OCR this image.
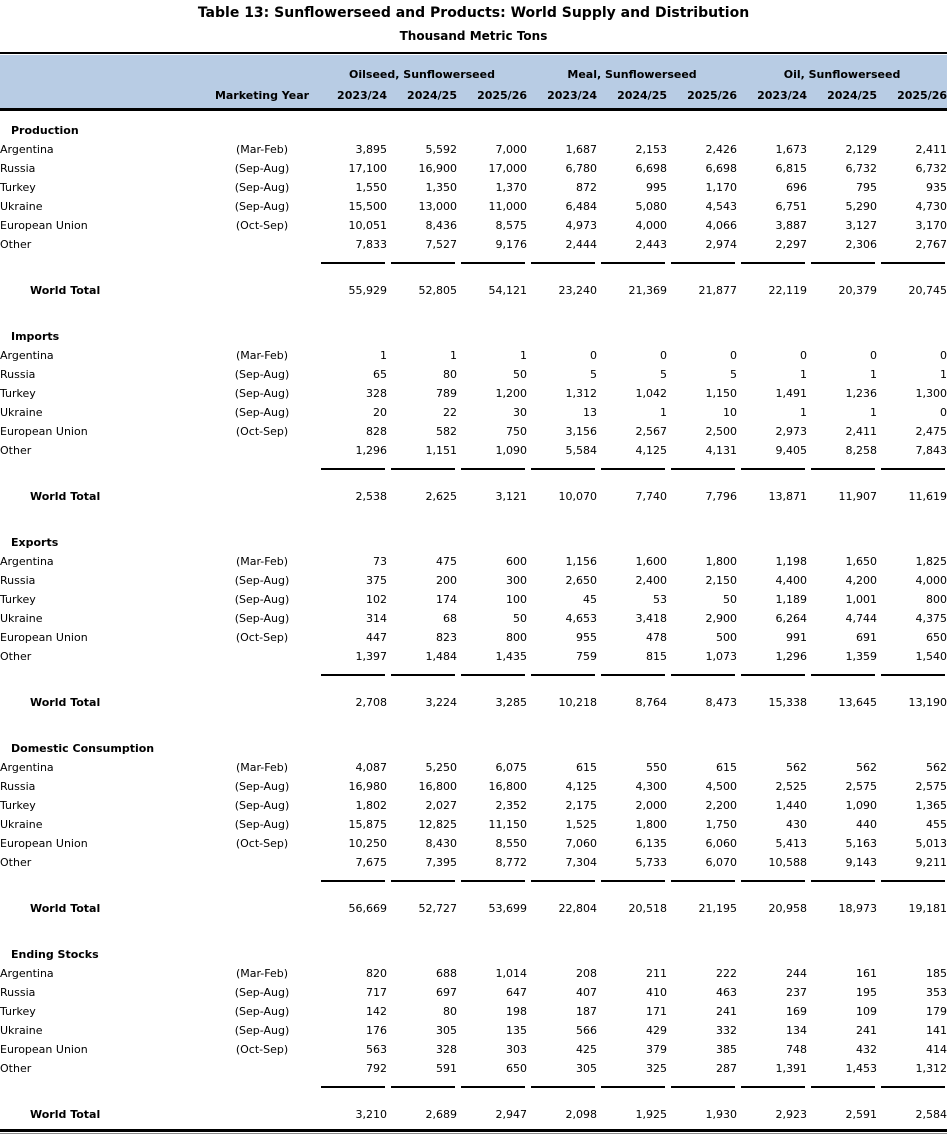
Table 13: Sunflowerseed and Products: World Supply and Distribution
Thousand Metric Tons
		Oilseed, Sunflowerseed			Meal, Sunflowerseed			Oil, Sunflowerseed		
	Marketing Year	2023/24	2024/25	2025/26	2023/24	2024/25	2025/26	2023/24	2024/25	2025/26
Production										
Argentina	(Mar-Feb)	3,895	5,592	7,000	1,687	2,153	2,426	1,673	2,129	2,411
Russia	(Sep-Aug)	17,100	16,900	17,000	6,780	6,698	6,698	6,815	6,732	6,732
Turkey	(Sep-Aug)	1,550	1,350	1,370	872	995	1,170	696	795	935
Ukraine	(Sep-Aug)	15,500	13,000	11,000	6,484	5,080	4,543	6,751	5,290	4,730
European Union	(Oct-Sep)	10,051	8,436	8,575	4,973	4,000	4,066	3,887	3,127	3,170
Other		7,833	7,527	9,176	2,444	2,443	2,974	2,297	2,306	2,767

World Total		55,929	52,805	54,121	23,240	21,369	21,877	22,119	20,379	20,745
Imports										
Argentina	(Mar-Feb)	1	1	1	0	0	0	0	0	0
Russia	(Sep-Aug)	65	80	50	5	5	5	1	1	1
Turkey	(Sep-Aug)	328	789	1,200	1,312	1,042	1,150	1,491	1,236	1,300
Ukraine	(Sep-Aug)	20	22	30	13	1	10	1	1	0
European Union	(Oct-Sep)	828	582	750	3,156	2,567	2,500	2,973	2,411	2,475
Other		1,296	1,151	1,090	5,584	4,125	4,131	9,405	8,258	7,843

World Total		2,538	2,625	3,121	10,070	7,740	7,796	13,871	11,907	11,619
Exports										
Argentina	(Mar-Feb)	73	475	600	1,156	1,600	1,800	1,198	1,650	1,825
Russia	(Sep-Aug)	375	200	300	2,650	2,400	2,150	4,400	4,200	4,000
Turkey	(Sep-Aug)	102	174	100	45	53	50	1,189	1,001	800
Ukraine	(Sep-Aug)	314	68	50	4,653	3,418	2,900	6,264	4,744	4,375
European Union	(Oct-Sep)	447	823	800	955	478	500	991	691	650
Other		1,397	1,484	1,435	759	815	1,073	1,296	1,359	1,540

World Total		2,708	3,224	3,285	10,218	8,764	8,473	15,338	13,645	13,190
Domestic Consumption										
Argentina	(Mar-Feb)	4,087	5,250	6,075	615	550	615	562	562	562
Russia	(Sep-Aug)	16,980	16,800	16,800	4,125	4,300	4,500	2,525	2,575	2,575
Turkey	(Sep-Aug)	1,802	2,027	2,352	2,175	2,000	2,200	1,440	1,090	1,365
Ukraine	(Sep-Aug)	15,875	12,825	11,150	1,525	1,800	1,750	430	440	455
European Union	(Oct-Sep)	10,250	8,430	8,550	7,060	6,135	6,060	5,413	5,163	5,013
Other		7,675	7,395	8,772	7,304	5,733	6,070	10,588	9,143	9,211

World Total		56,669	52,727	53,699	22,804	20,518	21,195	20,958	18,973	19,181
Ending Stocks										
Argentina	(Mar-Feb)	820	688	1,014	208	211	222	244	161	185
Russia	(Sep-Aug)	717	697	647	407	410	463	237	195	353
Turkey	(Sep-Aug)	142	80	198	187	171	241	169	109	179
Ukraine	(Sep-Aug)	176	305	135	566	429	332	134	241	141
European Union	(Oct-Sep)	563	328	303	425	379	385	748	432	414
Other		792	591	650	305	325	287	1,391	1,453	1,312

World Total		3,210	2,689	2,947	2,098	1,925	1,930	2,923	2,591	2,584
